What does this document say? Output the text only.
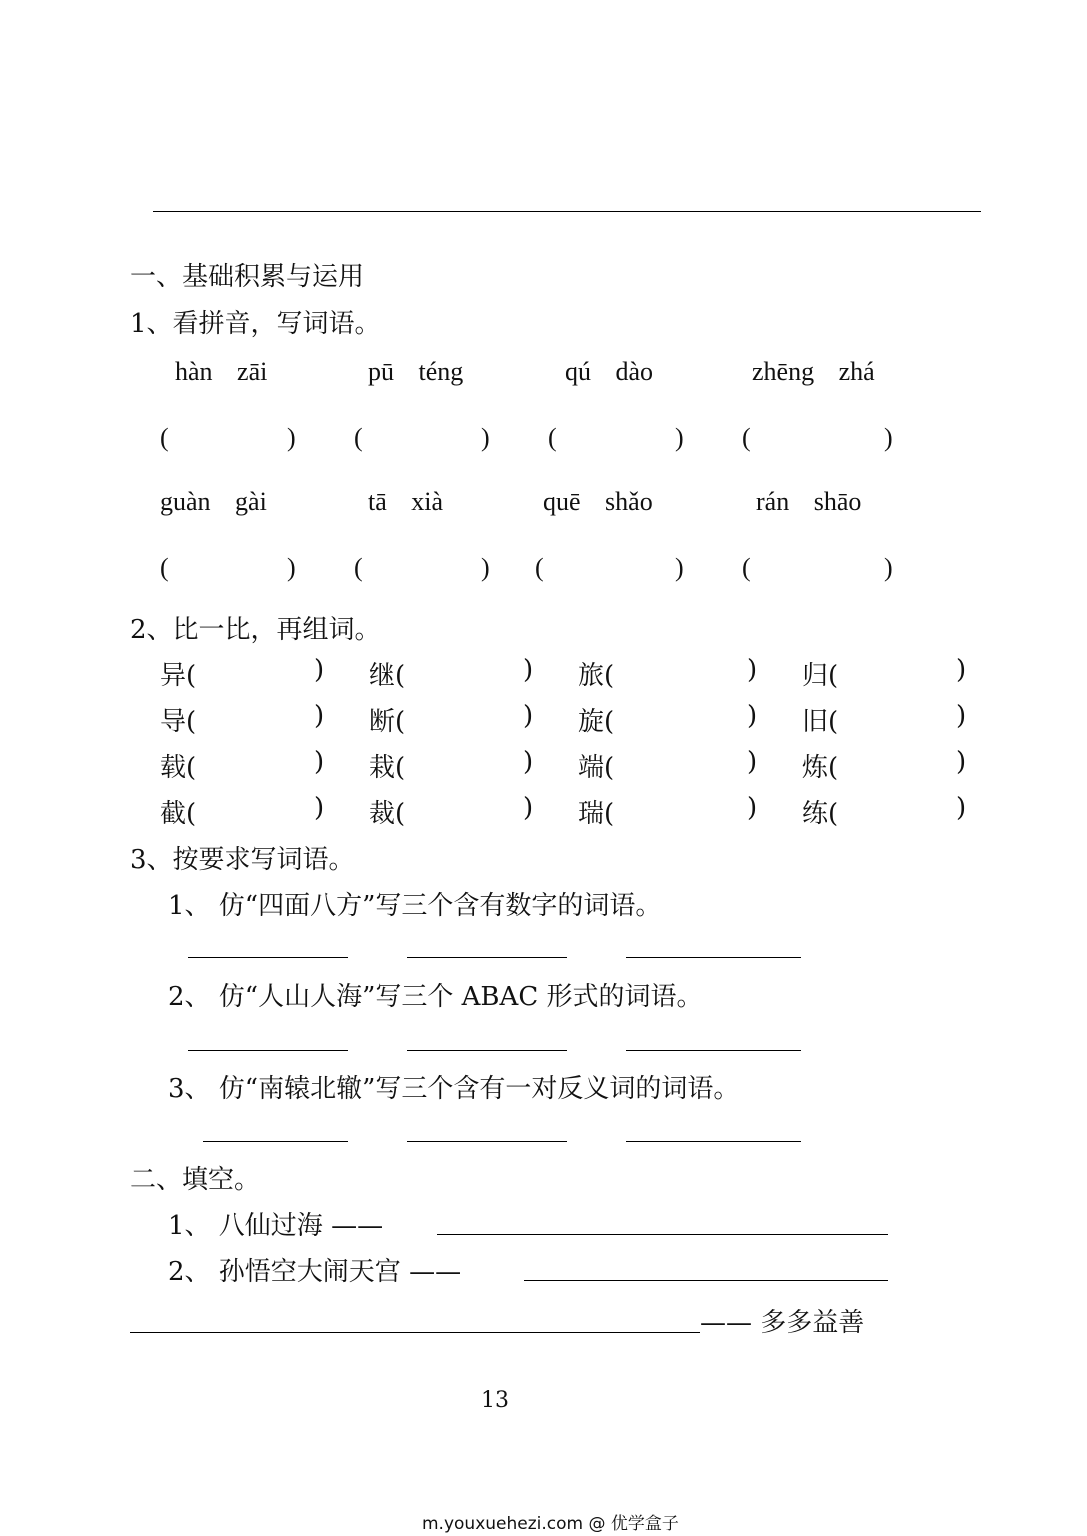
一、基础积累与运用
1、看拼音，写词语。
hàn zāi	pū téng	qú dào	zhēng zhá
(	) (	) (	) (	)
guàn gài	tā xià	quē shǎo	rán shāo
(	) (	) (	) (	)
2、比一比，再组词。
异(	) 继(	) 旅(	) 归(	)
导(	) 断(	) 旋(	) 旧(	)
载(	) 栽(	) 端(	) 炼(	)
截(	) 裁(	) 瑞(	) 练(	)
3、按要求写词语。
1、 仿“四面八方”写三个含有数字的词语。
2、 仿“人山人海”写三个 ABAC 形式的词语。
3、 仿“南辕北辙”写三个含有一对反义词的词语。
二、填空。
1、 八仙过海 ——
2、 孙悟空大闹天宫 ——
—— 多多益善
13
m.youxuehezi.com @ 优学盒子
